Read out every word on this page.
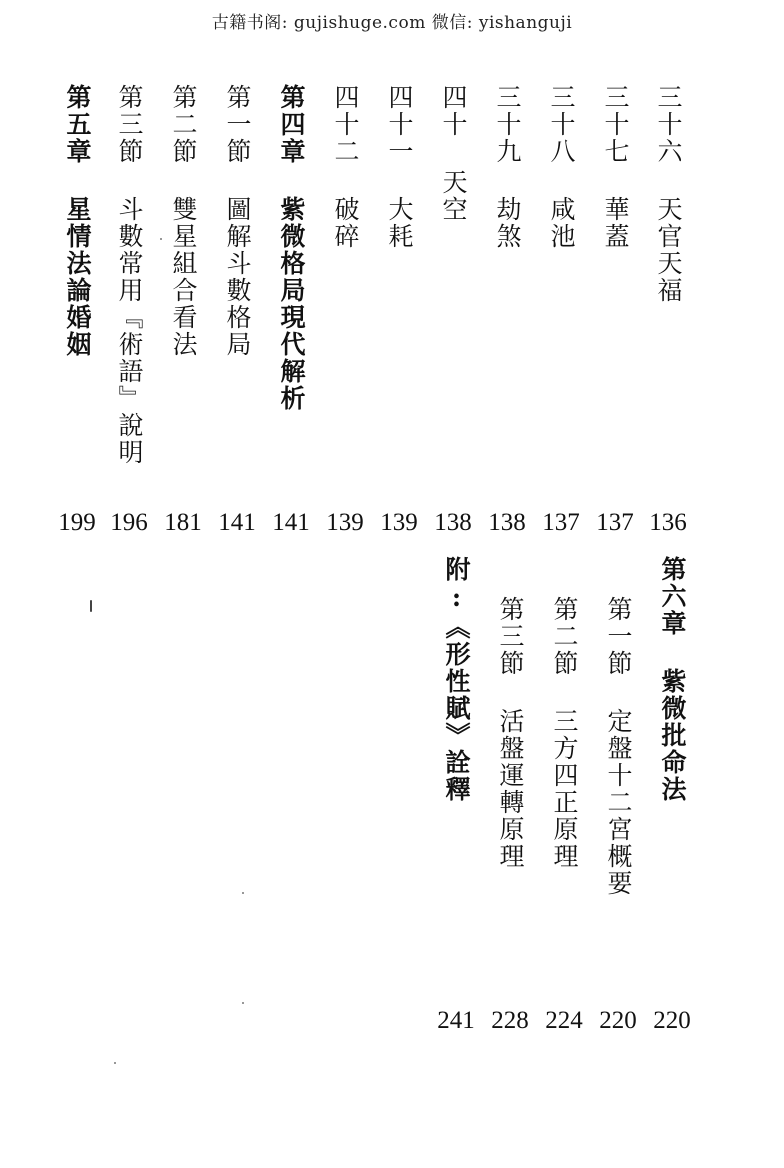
古籍书阁: gujishuge.com 微信: yishanguji
三十六 天官天福
136
三十七 華蓋
137
三十八 咸池
137
三十九 劫煞
138
四十 天空
138
四十一 大耗
139
四十二 破碎
139
第四章 紫微格局現代解析
141
第一節 圖解斗數格局
141
第二節 雙星組合看法
181
第三節 斗數常用『術語』說明
196
第五章 星情法論婚姻
199
第六章 紫微批命法
220
第一節 定盤十二宮概要
220
第二節 三方四正原理
224
第三節 活盤運轉原理
228
附:《形性賦》詮釋
241
